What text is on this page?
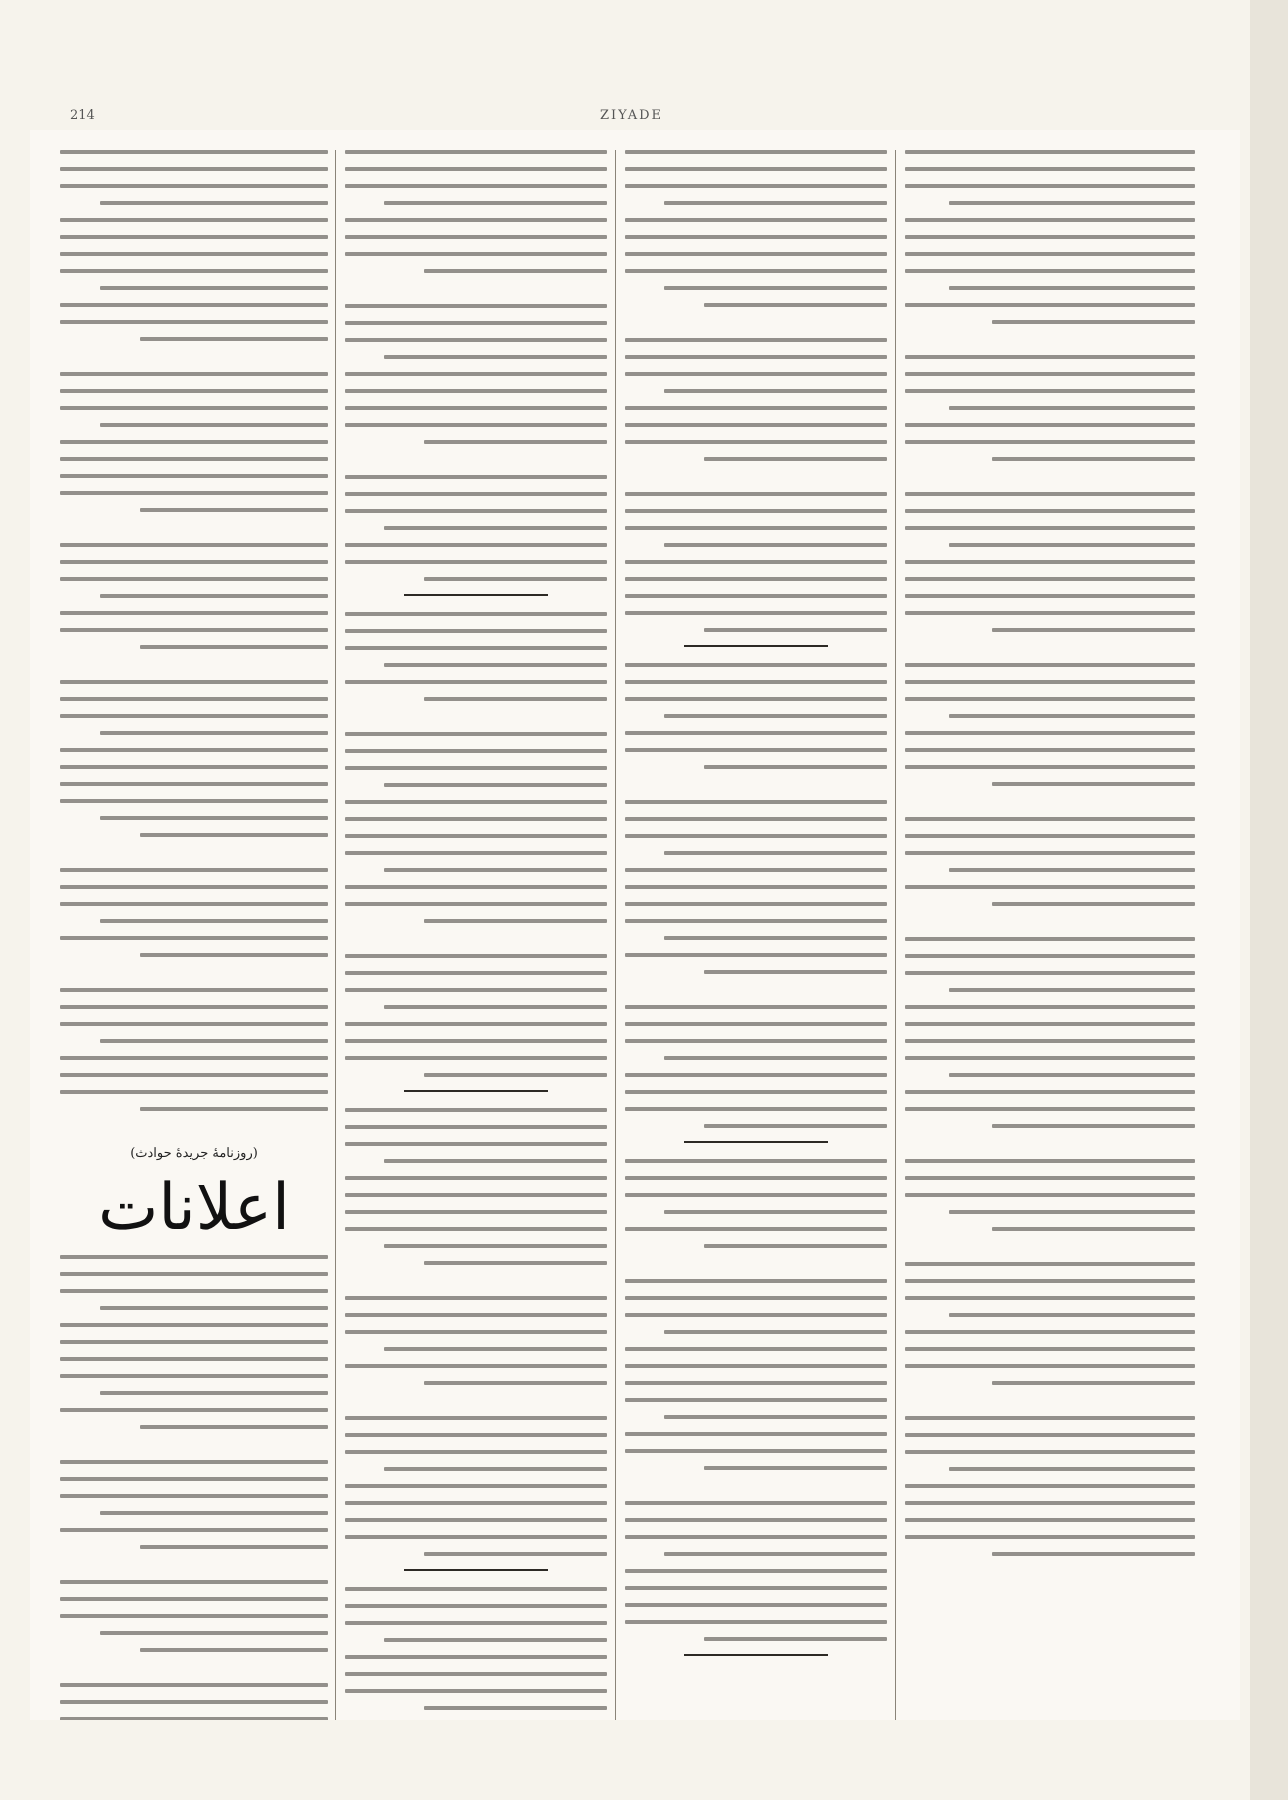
ZIYADE
214
(روزنامهٔ جريدهٔ حوادث)
اعلانات
